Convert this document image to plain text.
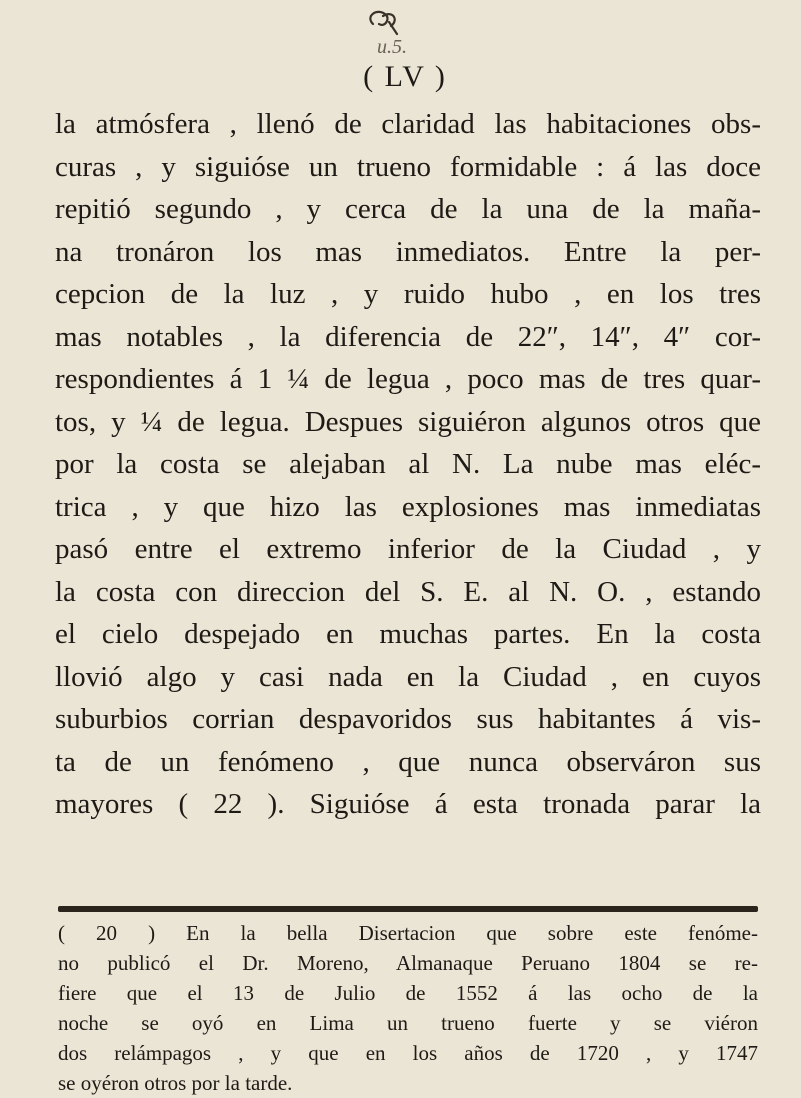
u.5.
( LV )
la atmósfera , llenó de claridad las habitaciones obs-
curas , y siguióse un trueno formidable : á las doce
repitió segundo , y cerca de la una de la maña-
na tronáron los mas inmediatos. Entre la per-
cepcion de la luz , y ruido hubo , en los tres
mas notables , la diferencia de 22″, 14″, 4″ cor-
respondientes á 1 ¼ de legua , poco mas de tres quar-
tos, y ¼ de legua. Despues siguiéron algunos otros que
por la costa se alejaban al N. La nube mas eléc-
trica , y que hizo las explosiones mas inmediatas
pasó entre el extremo inferior de la Ciudad , y
la costa con direccion del S. E. al N. O. , estando
el cielo despejado en muchas partes. En la costa
llovió algo y casi nada en la Ciudad , en cuyos
suburbios corrian despavoridos sus habitantes á vis-
ta de un fenómeno , que nunca observáron sus
mayores ( 22 ). Siguióse á esta tronada parar la
( 20 ) En la bella Disertacion que sobre este fenóme-
no publicó el Dr. Moreno, Almanaque Peruano 1804 se re-
fiere que el 13 de Julio de 1552 á las ocho de la
noche se oyó en Lima un trueno fuerte y se viéron
dos relámpagos , y que en los años de 1720 , y 1747
se oyéron otros por la tarde.
